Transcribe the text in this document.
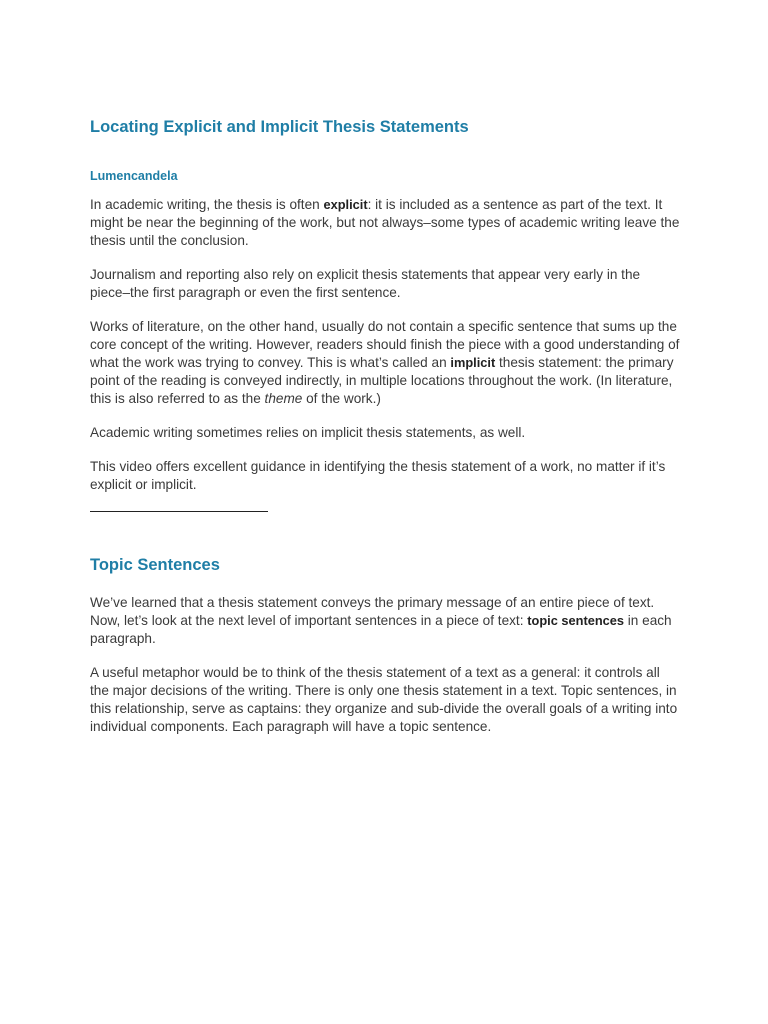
Locating Explicit and Implicit Thesis Statements
Lumencandela

In academic writing, the thesis is often explicit: it is included as a sentence as part of the text. It might be near the beginning of the work, but not always–some types of academic writing leave the thesis until the conclusion.

Journalism and reporting also rely on explicit thesis statements that appear very early in the piece–the first paragraph or even the first sentence.

Works of literature, on the other hand, usually do not contain a specific sentence that sums up the core concept of the writing. However, readers should finish the piece with a good understanding of what the work was trying to convey. This is what’s called an implicit thesis statement: the primary point of the reading is conveyed indirectly, in multiple locations throughout the work. (In literature, this is also referred to as the theme of the work.)

Academic writing sometimes relies on implicit thesis statements, as well.

This video offers excellent guidance in identifying the thesis statement of a work, no matter if it’s explicit or implicit.

Topic Sentences

We’ve learned that a thesis statement conveys the primary message of an entire piece of text. Now, let’s look at the next level of important sentences in a piece of text: topic sentences in each paragraph.

A useful metaphor would be to think of the thesis statement of a text as a general: it controls all the major decisions of the writing. There is only one thesis statement in a text. Topic sentences, in this relationship, serve as captains: they organize and sub-divide the overall goals of a writing into individual components. Each paragraph will have a topic sentence.
